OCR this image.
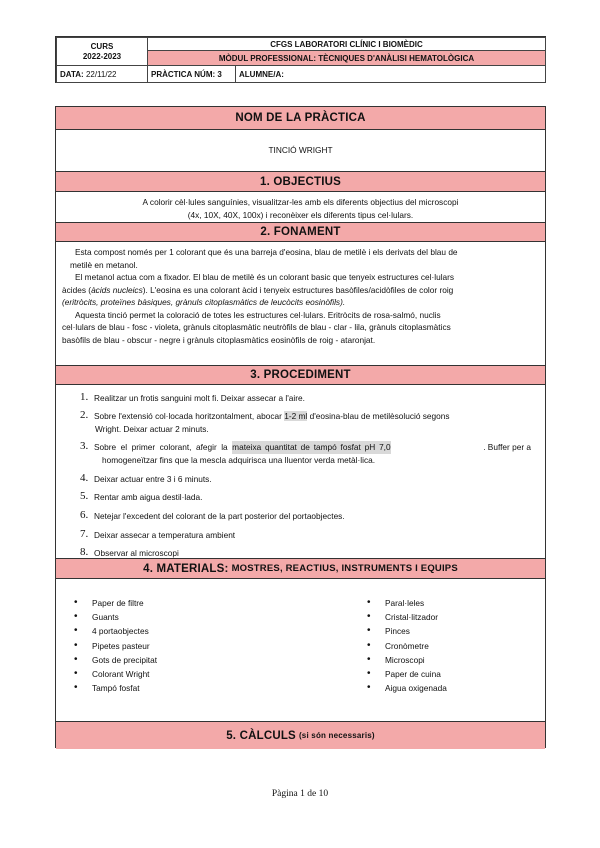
CURS
2022-2023
CFGS LABORATORI CLÍNIC I BIOMÈDIC
MÒDUL PROFESSIONAL: TÈCNIQUES D'ANÀLISI HEMATOLÒGICA
DATA:
22/11/22	PRÀCTICA NÚM: 3 ALUMNE/A:
NOM DE LA PRÀCTICA
TINCIÓ WRIGHT
1. OBJECTIUS
A colorir cèl·lules sanguínies, visualitzar-les amb els diferents objectius del microscopi
(4x, 10X, 40X, 100x) i reconèixer els diferents tipus cel·lulars.
2. FONAMENT
Esta compost només per 1 colorant que és una barreja d'eosina, blau de metilè i els derivats del blau de
metilè en metanol.
El metanol actua com a fixador. El blau de metilè és un colorant basic que tenyeix estructures cel·lulars
àcides (àcids nucleics). L'eosina es una colorant àcid i tenyeix estructures basòfiles/acidòfiles de color roig
(eritròcits, proteïnes bàsiques, grànuls citoplasmàtics de leucòcits eosinòfils).
Aquesta tinció permet la coloració de totes les estructures cel·lulars. Eritròcits de rosa-salmó, nuclis
cel·lulars de blau - fosc - violeta, grànuls citoplasmàtic neutròfils de blau - clar - lila, grànuls citoplasmàtics
basòfils de blau - obscur - negre i grànuls citoplasmàtics eosinòfils de roig - ataronjat.
3. PROCEDIMENT
1. Realitzar un frotis sanguini molt fi. Deixar assecar a l'aire.
2. Sobre l'extensió col·locada horitzontalment, abocar 1-2 ml d'eosina-blau de metilèsolució segons
Wright. Deixar actuar 2 minuts.
3. Sobre el primer colorant, afegir la mateixa quantitat de tampó fosfat pH 7,0	. Buffer per a
homogeneïtzar fins que la mescla adquirisca una lluentor verda metàl·lica.
4. Deixar actuar entre 3 i 6 minuts.
5. Rentar amb aigua destil·lada.
6. Netejar l'excedent del colorant de la part posterior del portaobjectes.
7. Deixar assecar a temperatura ambient
8. Observar al microscopi
4. MATERIALS: MOSTRES, REACTIUS, INSTRUMENTS I EQUIPS
• Paper de filtre
• Guants
• 4 portaobjectes
• Pipetes pasteur
• Gots de precipitat
• Colorant Wright
• Tampó fosfat
• Paral·leles
• Cristal·litzador
• Pinces
• Cronòmetre
• Microscopi
• Paper de cuina
• Aigua oxigenada
5. CÀLCULS (si són necessaris)
Pàgina 1 de 10
